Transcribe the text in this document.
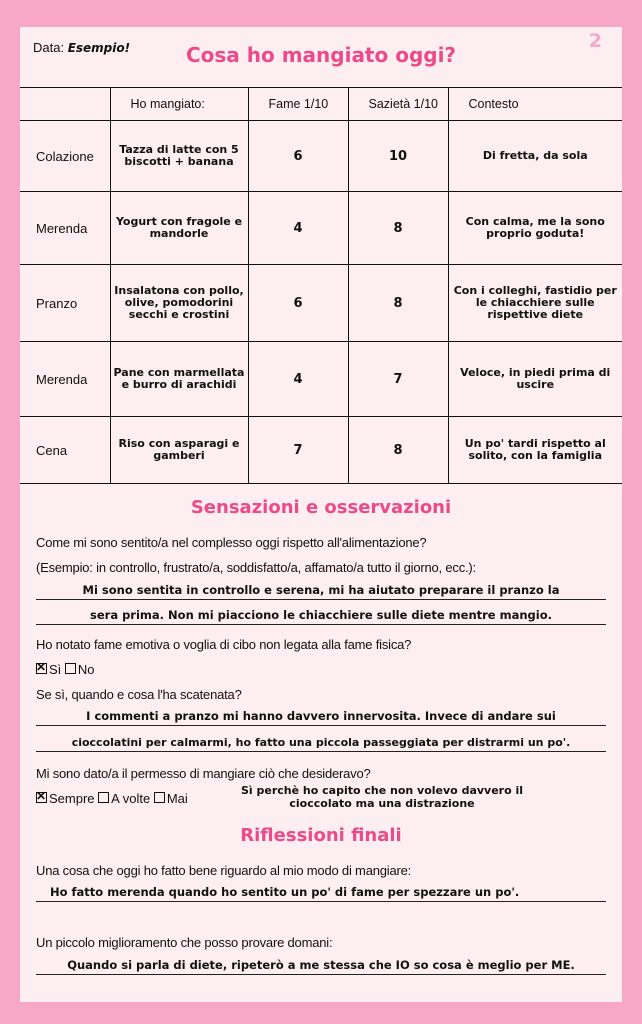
Data: Esempio!	Cosa ho mangiato oggi?
2
	Ho mangiato:	Fame 1/10	Sazietà 1/10	Contesto
Colazione	Tazza di latte con 5 biscotti + banana	6	10	Di fretta, da sola
Merenda	Yogurt con fragole e mandorle	4	8	Con calma, me la sono proprio goduta!
Pranzo	Insalatona con pollo, olive, pomodorini secchi e crostini	6	8	Con i colleghi, fastidio per le chiacchiere sulle rispettive diete
Merenda	Pane con marmellata e burro di arachidi	4	7	Veloce, in piedi prima di uscire
Cena	Riso con asparagi e gamberi	7	8	Un po' tardi rispetto al solito, con la famiglia
Sensazioni e osservazioni
Come mi sono sentito/a nel complesso oggi rispetto all'alimentazione?
(Esempio: in controllo, frustrato/a, soddisfatto/a, affamato/a tutto il giorno, ecc.):
Mi sono sentita in controllo e serena, mi ha aiutato preparare il pranzo la
sera prima. Non mi piacciono le chiacchiere sulle diete mentre mangio.
Ho notato fame emotiva o voglia di cibo non legata alla fame fisica?
✕Sì No
Se sì, quando e cosa l'ha scatenata?
I commenti a pranzo mi hanno davvero innervosita. Invece di andare sui
cioccolatini per calmarmi, ho fatto una piccola passeggiata per distrarmi un po'.
Mi sono dato/a il permesso di mangiare ciò che desideravo?
✕Sempre A volte Mai
Sì perchè ho capito che non volevo davvero il
cioccolato ma una distrazione
Riflessioni finali
Una cosa che oggi ho fatto bene riguardo al mio modo di mangiare:
Ho fatto merenda quando ho sentito un po' di fame per spezzare un po'.
Un piccolo miglioramento che posso provare domani:
Quando si parla di diete, ripeterò a me stessa che IO so cosa è meglio per ME.
